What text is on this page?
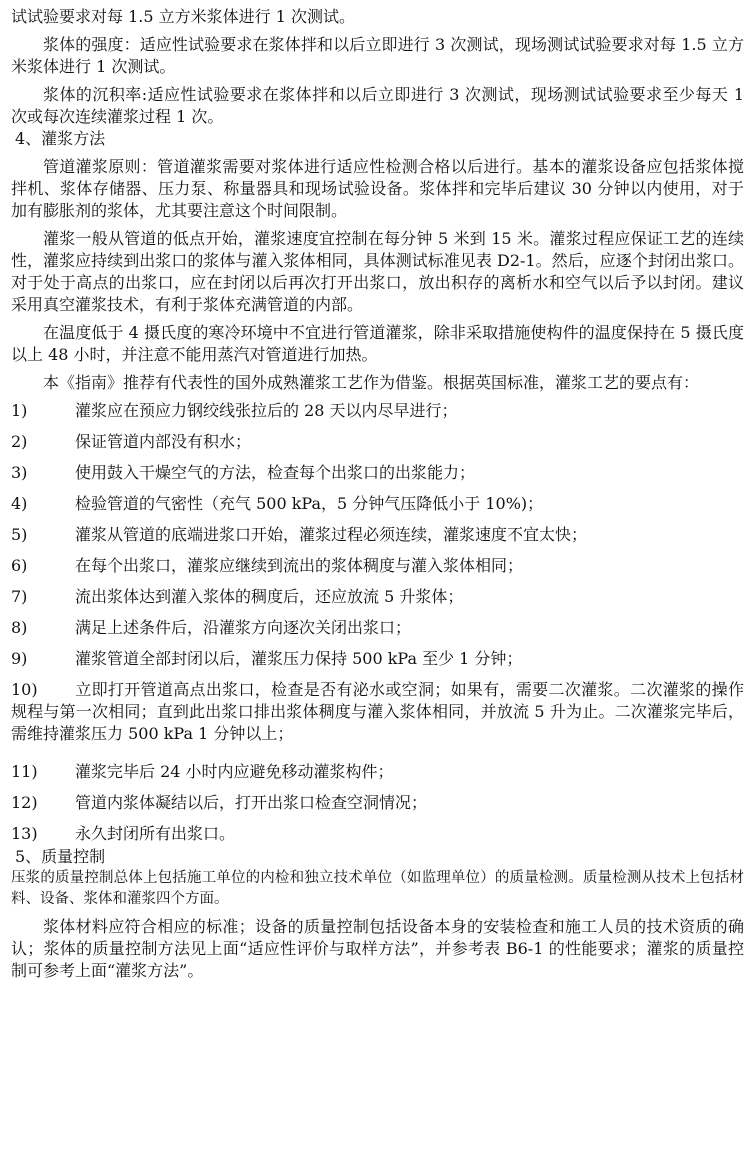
试试验要求对每 1.5 立方米浆体进行 1 次测试。

浆体的强度：适应性试验要求在浆体拌和以后立即进行 3 次测试，现场测试试验要求对每 1.5 立方米浆体进行 1 次测试。

浆体的沉积率:适应性试验要求在浆体拌和以后立即进行 3 次测试，现场测试试验要求至少每天 1 次或每次连续灌浆过程 1 次。

4、灌浆方法

管道灌浆原则：管道灌浆需要对浆体进行适应性检测合格以后进行。基本的灌浆设备应包括浆体搅拌机、浆体存储器、压力泵、称量器具和现场试验设备。浆体拌和完毕后建议 30 分钟以内使用，对于加有膨胀剂的浆体，尤其要注意这个时间限制。

灌浆一般从管道的低点开始，灌浆速度宜控制在每分钟 5 米到 15 米。灌浆过程应保证工艺的连续性，灌浆应持续到出浆口的浆体与灌入浆体相同，具体测试标准见表 D2-1。然后，应逐个封闭出浆口。对于处于高点的出浆口，应在封闭以后再次打开出浆口，放出积存的离析水和空气以后予以封闭。建议采用真空灌浆技术，有利于浆体充满管道的内部。

在温度低于 4 摄氏度的寒冷环境中不宜进行管道灌浆，除非采取措施使构件的温度保持在 5 摄氏度以上 48 小时，并注意不能用蒸汽对管道进行加热。

本《指南》推荐有代表性的国外成熟灌浆工艺作为借鉴。根据英国标准，灌浆工艺的要点有：

1)	灌浆应在预应力钢绞线张拉后的 28 天以内尽早进行；
2)	保证管道内部没有积水；
3)	使用鼓入干燥空气的方法，检查每个出浆口的出浆能力；
4)	检验管道的气密性（充气 500 kPa，5 分钟气压降低小于 10%)；
5)	灌浆从管道的底端进浆口开始，灌浆过程必须连续，灌浆速度不宜太快；
6)	在每个出浆口，灌浆应继续到流出的浆体稠度与灌入浆体相同；
7)	流出浆体达到灌入浆体的稠度后，还应放流 5 升浆体；
8)	满足上述条件后，沿灌浆方向逐次关闭出浆口；
9)	灌浆管道全部封闭以后，灌浆压力保持 500 kPa 至少 1 分钟；

10) 立即打开管道高点出浆口，检查是否有泌水或空洞；如果有，需要二次灌浆。二次灌浆的操作规程与第一次相同；直到此出浆口排出浆体稠度与灌入浆体相同，并放流 5 升为止。二次灌浆完毕后，需维持灌浆压力 500 kPa 1 分钟以上；

11)	灌浆完毕后 24 小时内应避免移动灌浆构件；
12)	管道内浆体凝结以后，打开出浆口检查空洞情况；
13)	永久封闭所有出浆口。

5、质量控制

压浆的质量控制总体上包括施工单位的内检和独立技术单位（如监理单位）的质量检测。质量检测从技术上包括材料、设备、浆体和灌浆四个方面。

浆体材料应符合相应的标准；设备的质量控制包括设备本身的安装检查和施工人员的技术资质的确认；浆体的质量控制方法见上面“适应性评价与取样方法”，并参考表 B6-1 的性能要求；灌浆的质量控制可参考上面“灌浆方法”。
